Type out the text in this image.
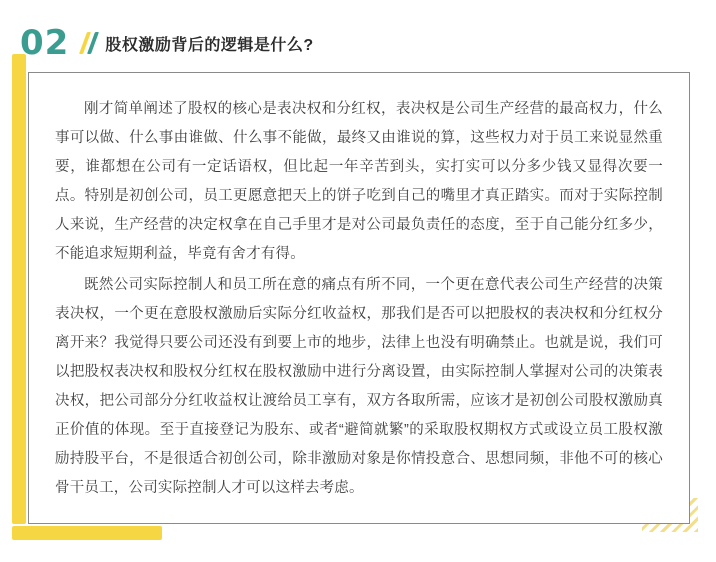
02 股权激励背后的逻辑是什么?

刚才简单阐述了股权的核心是表决权和分红权，表决权是公司生产经营的最高权力，什么事可以做、什么事由谁做、什么事不能做，最终又由谁说的算，这些权力对于员工来说显然重要，谁都想在公司有一定话语权，但比起一年辛苦到头，实打实可以分多少钱又显得次要一点。特别是初创公司，员工更愿意把天上的饼子吃到自己的嘴里才真正踏实。而对于实际控制人来说，生产经营的决定权拿在自己手里才是对公司最负责任的态度，至于自己能分红多少，不能追求短期利益，毕竟有舍才有得。

既然公司实际控制人和员工所在意的痛点有所不同，一个更在意代表公司生产经营的决策表决权，一个更在意股权激励后实际分红收益权，那我们是否可以把股权的表决权和分红权分离开来？我觉得只要公司还没有到要上市的地步，法律上也没有明确禁止。也就是说，我们可以把股权表决权和股权分红权在股权激励中进行分离设置，由实际控制人掌握对公司的决策表决权，把公司部分分红收益权让渡给员工享有，双方各取所需，应该才是初创公司股权激励真正价值的体现。至于直接登记为股东、或者“避简就繁”的采取股权期权方式或设立员工股权激励持股平台，不是很适合初创公司，除非激励对象是你情投意合、思想同频，非他不可的核心骨干员工，公司实际控制人才可以这样去考虑。
